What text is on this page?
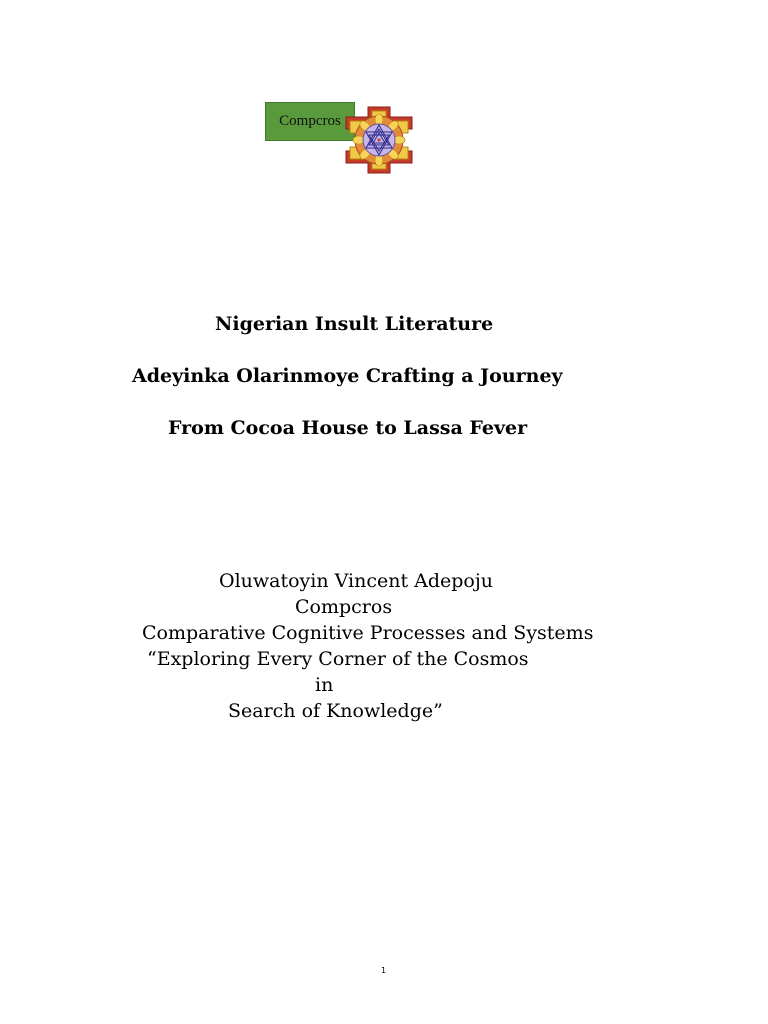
Compcros
Nigerian Insult Literature
Adeyinka Olarinmoye Crafting a Journey
From Cocoa House to Lassa Fever
Oluwatoyin Vincent Adepoju
Compcros
Comparative Cognitive Processes and Systems
“Exploring Every Corner of the Cosmos
in
Search of Knowledge”
1
